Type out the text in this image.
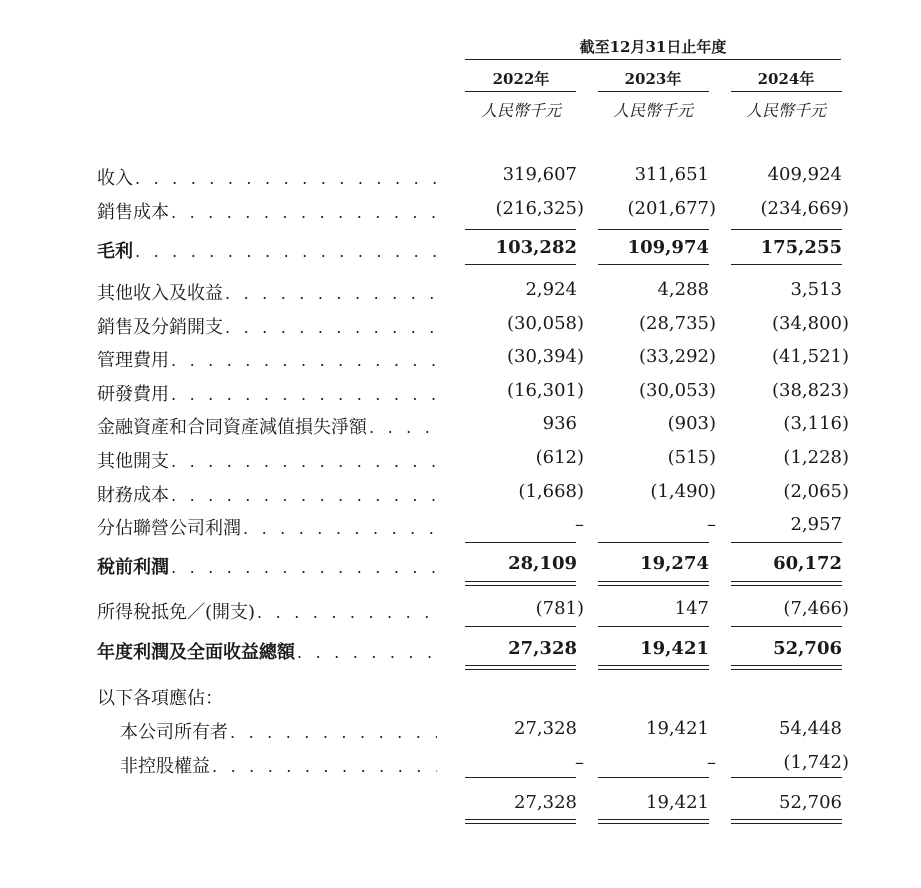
截至12月31日止年度
2022年	2023年	2024年
人民幣千元	人民幣千元	人民幣千元
收入 . . .	319,607	311,651	409,924
銷售成本 . . .	(216,325)	(201,677)	(234,669)
毛利 . . .	103,282	109,974	175,255
其他收入及收益 . . .	2,924	4,288	3,513
銷售及分銷開支 . . .	(30,058)	(28,735)	(34,800)
管理費用 . . .	(30,394)	(33,292)	(41,521)
研發費用 . . .	(16,301)	(30,053)	(38,823)
金融資產和合同資產減值損失淨額 . . .	936	(903)	(3,116)
其他開支 . . .	(612)	(515)	(1,228)
財務成本 . . .	(1,668)	(1,490)	(2,065)
分佔聯營公司利潤 . . .	–	–	2,957
稅前利潤 . . .	28,109	19,274	60,172
所得稅抵免／(開支) . . .	(781)	147	(7,466)
年度利潤及全面收益總額 . . .	27,328	19,421	52,706
以下各項應佔：
本公司所有者 . . .	27,328	19,421	54,448
非控股權益 . . .	–	–	(1,742)
27,328	19,421	52,706
